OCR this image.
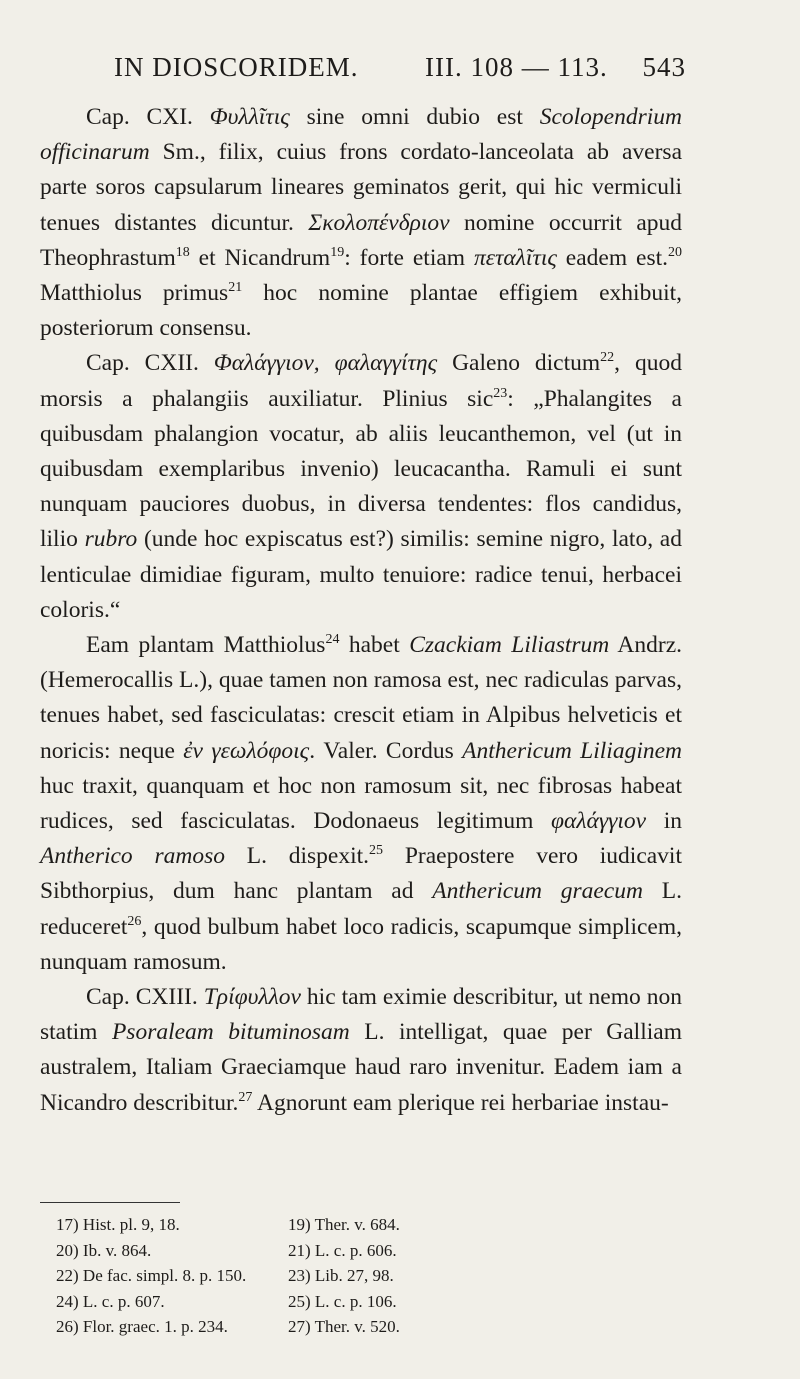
IN DIOSCORIDEM. III. 108 — 113. 543

Cap. CXI. Φυλλῖτις sine omni dubio est Scolopendrium officinarum Sm., filix, cuius frons cordato-lanceolata ab aversa parte soros capsularum lineares geminatos gerit, qui hic vermiculi tenues distantes dicuntur. Σκολοπένδριον nomine occurrit apud Theophrastum$^{18}$ et Nicandrum$^{19}$: forte etiam πεταλῖτις eadem est.$^{20}$ Matthiolus primus$^{21}$ hoc nomine plantae effigiem exhibuit, posteriorum consensu.

Cap. CXII. Φαλάγγιον, φαλαγγίτης Galeno dictum$^{22}$, quod morsis a phalangiis auxiliatur. Plinius sic$^{23}$: „Phalangites a quibusdam phalangion vocatur, ab aliis leucanthemon, vel (ut in quibusdam exemplaribus invenio) leucacantha. Ramuli ei sunt nunquam pauciores duobus, in diversa tendentes: flos candidus, lilio rubro (unde hoc expiscatus est?) similis: semine nigro, lato, ad lenticulae dimidiae figuram, multo tenuiore: radice tenui, herbacei coloris.“

Eam plantam Matthiolus$^{24}$ habet Czackiam Liliastrum Andrz. (Hemerocallis L.), quae tamen non ramosa est, nec radiculas parvas, tenues habet, sed fasciculatas: crescit etiam in Alpibus helveticis et noricis: neque ἐν γεωλόφοις. Valer. Cordus Anthericum Liliaginem huc traxit, quanquam et hoc non ramosum sit, nec fibrosas habeat rudices, sed fasciculatas. Dodonaeus legitimum φαλάγγιον in Antherico ramoso L. dispexit.$^{25}$ Praepostere vero iudicavit Sibthorpius, dum hanc plantam ad Anthericum graecum L. reduceret$^{26}$, quod bulbum habet loco radicis, scapumque simplicem, nunquam ramosum.

Cap. CXIII. Τρίφυλλον hic tam eximie describitur, ut nemo non statim Psoraleam bituminosam L. intelligat, quae per Galliam australem, Italiam Graeciamque haud raro invenitur. Eadem iam a Nicandro describitur.$^{27}$ Agnorunt eam plerique rei herbariae instau-

17) Hist. pl. 9, 18.	19) Ther. v. 684.
20) Ib. v. 864.	21) L. c. p. 606.
22) De fac. simpl. 8. p. 150. 23) Lib. 27, 98.
24) L. c. p. 607.	25) L. c. p. 106.
26) Flor. graec. 1. p. 234.	27) Ther. v. 520.
